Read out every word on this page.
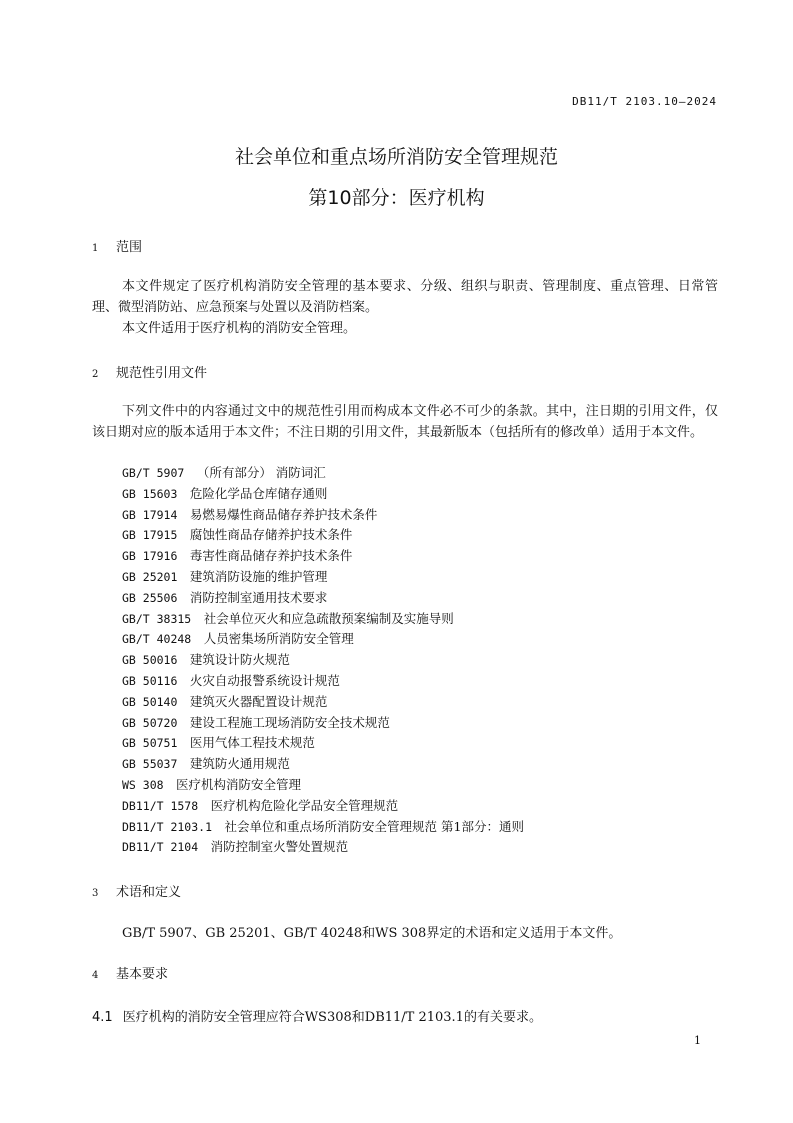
DB11/T 2103.10—2024
社会单位和重点场所消防安全管理规范
第10部分：医疗机构
1 范围

本文件规定了医疗机构消防安全管理的基本要求、分级、组织与职责、管理制度、重点管理、日常管理、微型消防站、应急预案与处置以及消防档案。

本文件适用于医疗机构的消防安全管理。

2 规范性引用文件

下列文件中的内容通过文中的规范性引用而构成本文件必不可少的条款。其中，注日期的引用文件，仅该日期对应的版本适用于本文件；不注日期的引用文件，其最新版本（包括所有的修改单）适用于本文件。

GB/T 5907   （所有部分） 消防词汇
GB 15603   危险化学品仓库储存通则
GB 17914   易燃易爆性商品储存养护技术条件
GB 17915   腐蚀性商品存储养护技术条件
GB 17916   毒害性商品储存养护技术条件
GB 25201   建筑消防设施的维护管理
GB 25506   消防控制室通用技术要求
GB/T 38315   社会单位灭火和应急疏散预案编制及实施导则
GB/T 40248   人员密集场所消防安全管理
GB 50016   建筑设计防火规范
GB 50116   火灾自动报警系统设计规范
GB 50140   建筑灭火器配置设计规范
GB 50720   建设工程施工现场消防安全技术规范
GB 50751   医用气体工程技术规范
GB 55037   建筑防火通用规范
WS 308   医疗机构消防安全管理
DB11/T 1578   医疗机构危险化学品安全管理规范
DB11/T 2103.1   社会单位和重点场所消防安全管理规范 第1部分：通则
DB11/T 2104   消防控制室火警处置规范
3 术语和定义

GB/T 5907、GB 25201、GB/T 40248和WS 308界定的术语和定义适用于本文件。

4 基本要求
4.1 医疗机构的消防安全管理应符合WS308和DB11/T 2103.1的有关要求。
1
